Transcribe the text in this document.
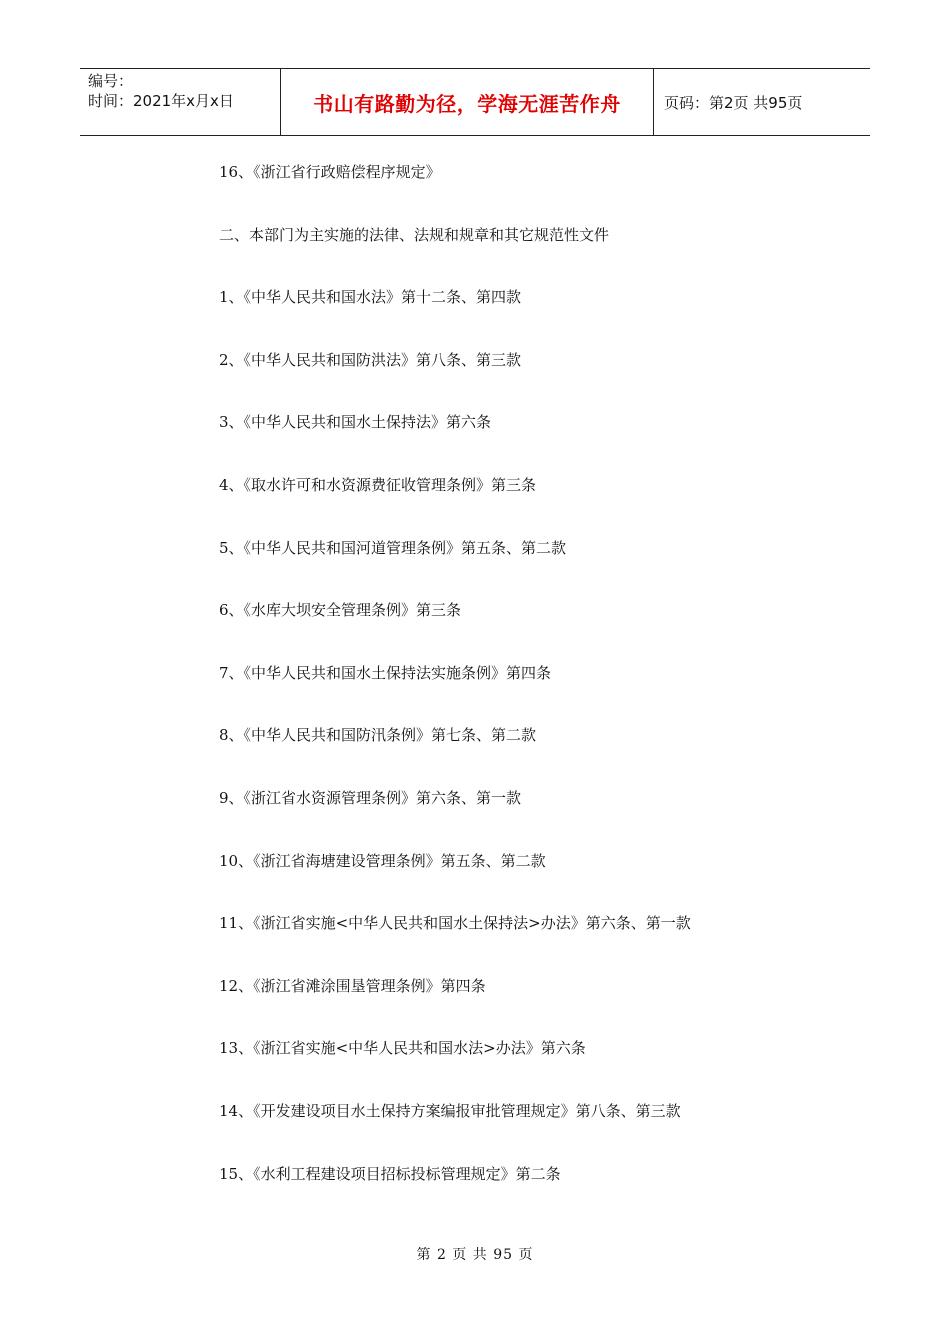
编号：
时间：2021年x月x日	书山有路勤为径，学海无涯苦作舟	页码：第2页 共95页
16、《浙江省行政赔偿程序规定》
二、本部门为主实施的法律、法规和规章和其它规范性文件
1、《中华人民共和国水法》第十二条、第四款
2、《中华人民共和国防洪法》第八条、第三款
3、《中华人民共和国水土保持法》第六条
4、《取水许可和水资源费征收管理条例》第三条
5、《中华人民共和国河道管理条例》第五条、第二款
6、《水库大坝安全管理条例》第三条
7、《中华人民共和国水土保持法实施条例》第四条
8、《中华人民共和国防汛条例》第七条、第二款
9、《浙江省水资源管理条例》第六条、第一款
10、《浙江省海塘建设管理条例》第五条、第二款
11、《浙江省实施<中华人民共和国水土保持法>办法》第六条、第一款
12、《浙江省滩涂围垦管理条例》第四条
13、《浙江省实施<中华人民共和国水法>办法》第六条
14、《开发建设项目水土保持方案编报审批管理规定》第八条、第三款
15、《水利工程建设项目招标投标管理规定》第二条
第 2 页 共 95 页
